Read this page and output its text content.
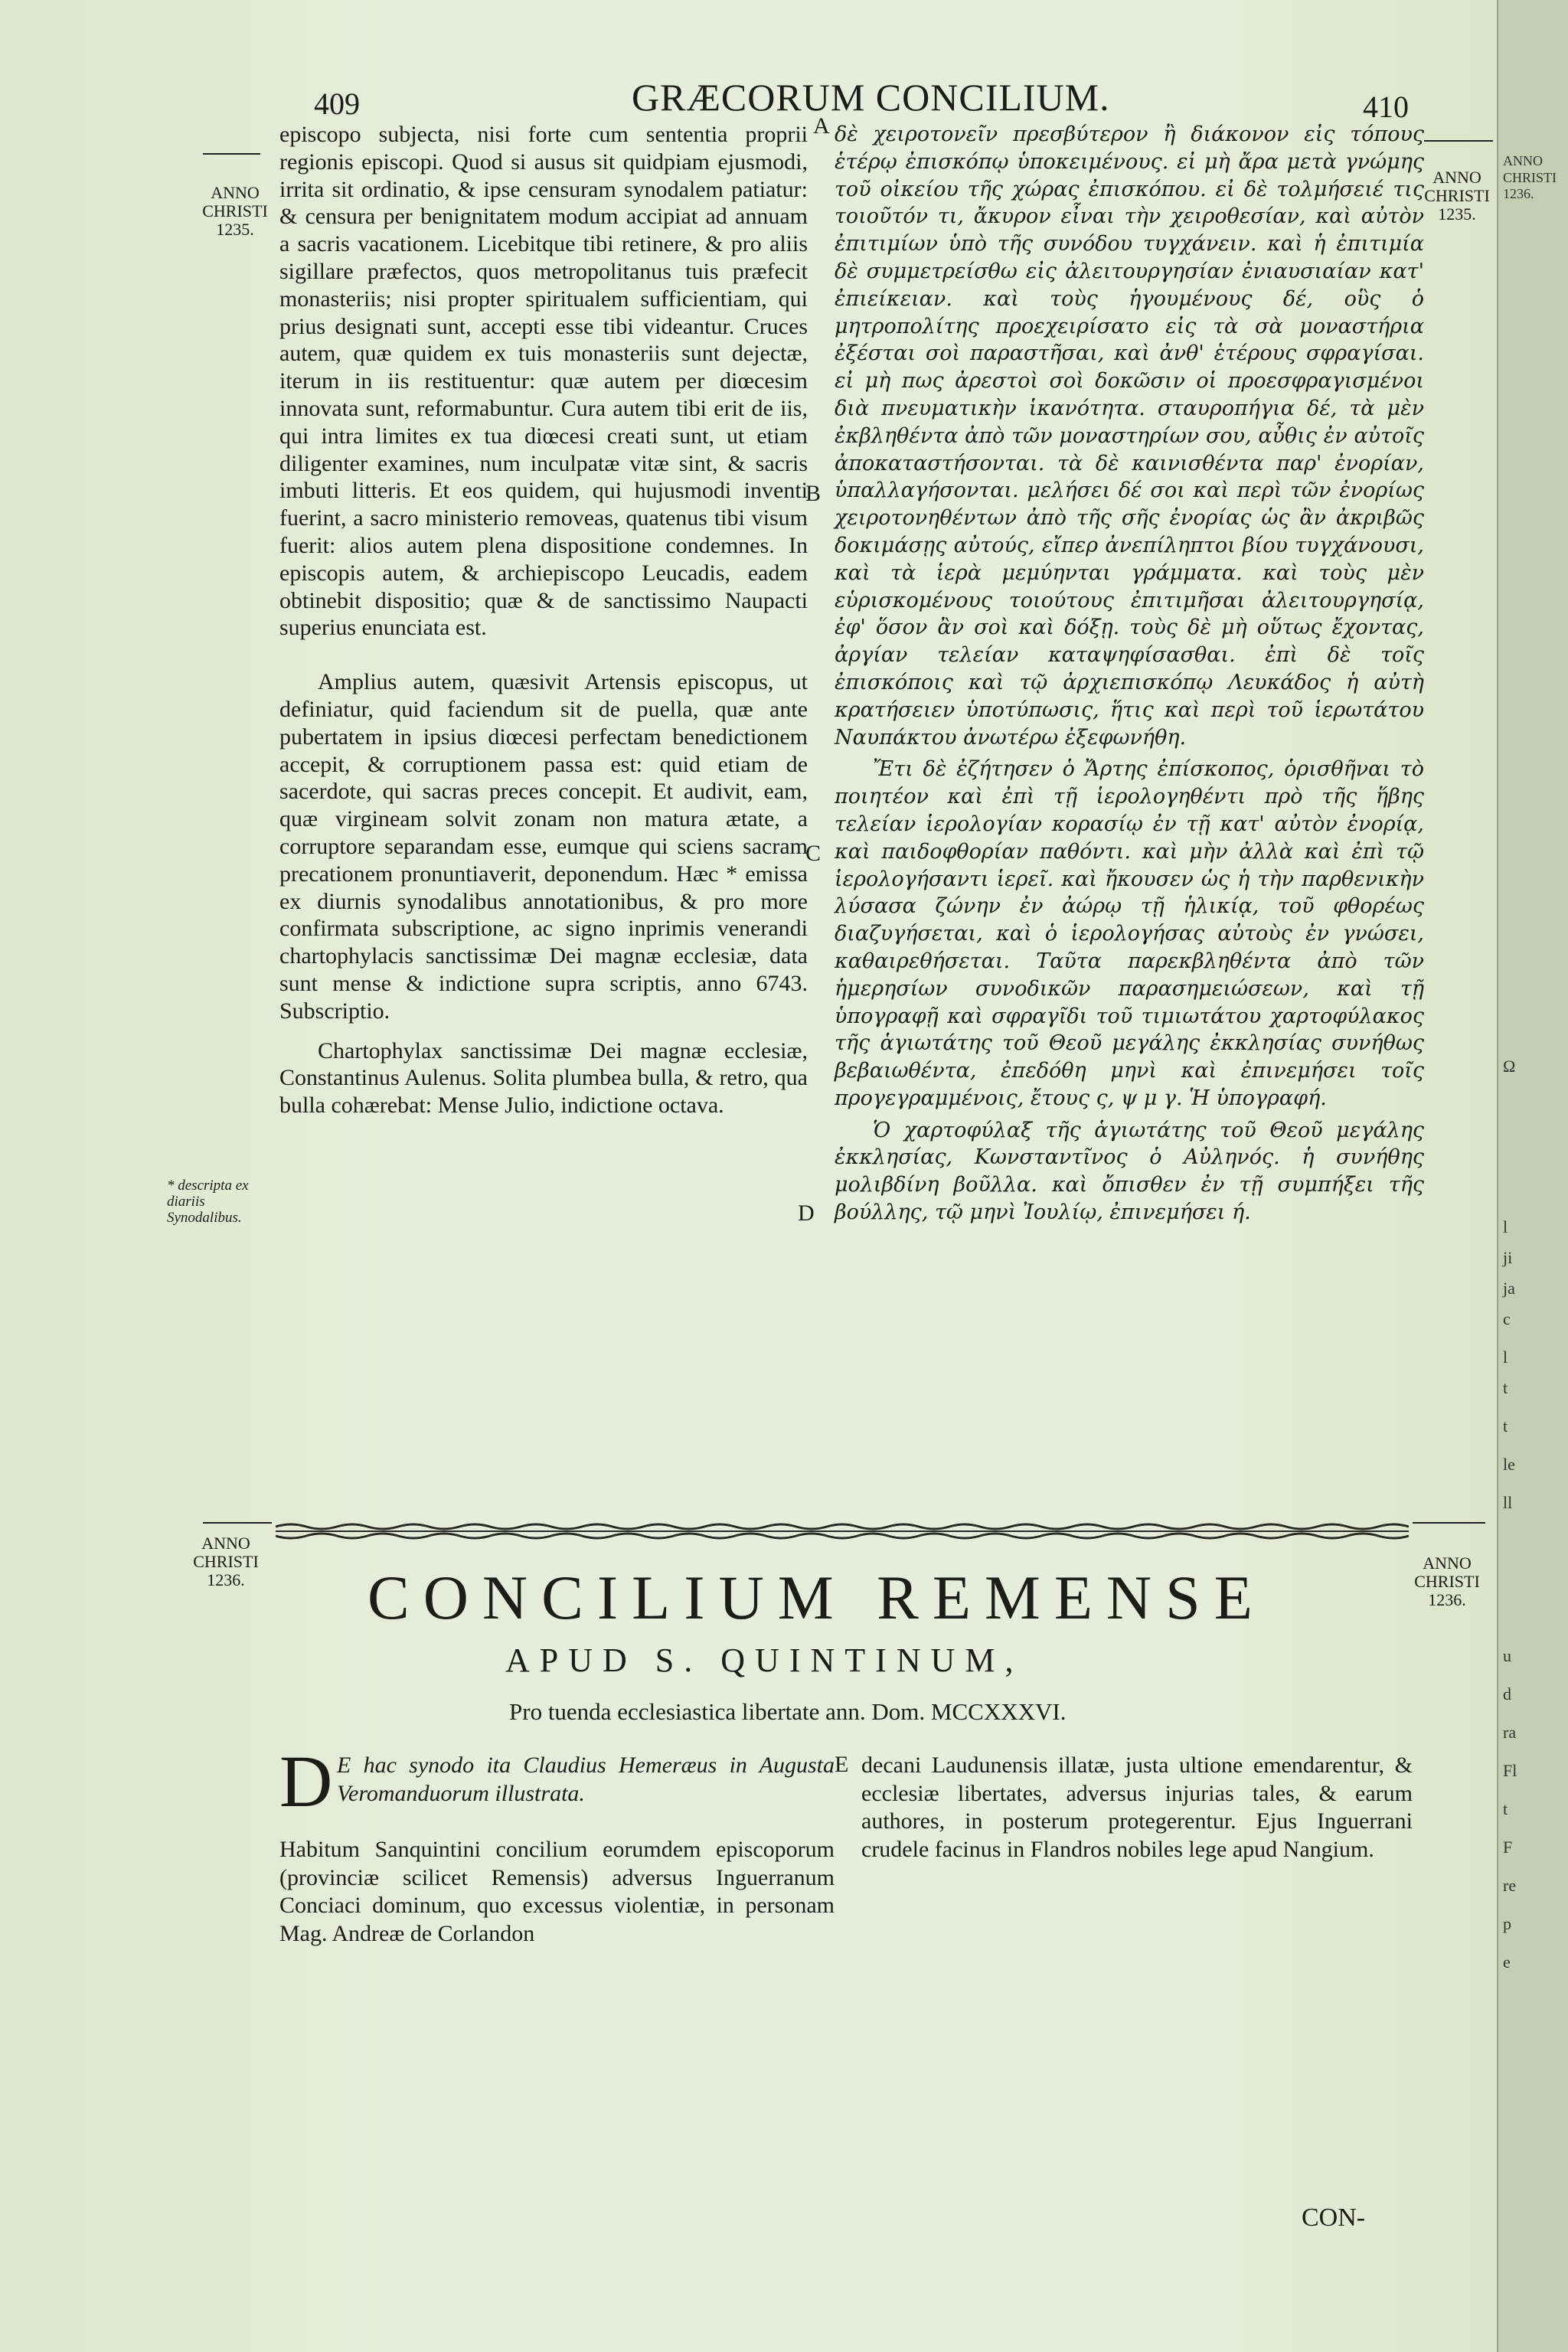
409	GRÆCORUM CONCILIUM.	410
ANNO CHRISTI 1235.
ANNO CHRISTI 1235.
A
B
C
D
E
* descripta ex diariis Synodalibus.

episcopo subjecta, nisi forte cum sententia proprii regionis episcopi. Quod si ausus sit quidpiam ejusmodi, irrita sit ordinatio, & ipse censuram synodalem patiatur: & censura per benignitatem modum accipiat ad annuam a sacris vacationem. Licebitque tibi retinere, & pro aliis sigillare præfectos, quos metropolitanus tuis præfecit monasteriis; nisi propter spiritualem sufficientiam, qui prius designati sunt, accepti esse tibi videantur. Cruces autem, quæ quidem ex tuis monasteriis sunt dejectæ, iterum in iis restituentur: quæ autem per diœcesim innovata sunt, reformabuntur. Cura autem tibi erit de iis, qui intra limites ex tua diœcesi creati sunt, ut etiam diligenter examines, num inculpatæ vitæ sint, & sacris imbuti litteris. Et eos quidem, qui hujusmodi inventi fuerint, a sacro ministerio removeas, quatenus tibi visum fuerit: alios autem plena dispositione condemnes. In episcopis autem, & archiepiscopo Leucadis, eadem obtinebit dispositio; quæ & de sanctissimo Naupacti superius enunciata est.

Amplius autem, quæsivit Artensis episcopus, ut definiatur, quid faciendum sit de puella, quæ ante pubertatem in ipsius diœcesi perfectam benedictionem accepit, & corruptionem passa est: quid etiam de sacerdote, qui sacras preces concepit. Et audivit, eam, quæ virgineam solvit zonam non matura ætate, a corruptore separandam esse, eumque qui sciens sacram precationem pronuntiaverit, deponendum. Hæc * emissa ex diurnis synodalibus annotationibus, & pro more confirmata subscriptione, ac signo inprimis venerandi chartophylacis sanctissimæ Dei magnæ ecclesiæ, data sunt mense & indictione supra scriptis, anno 6743. Subscriptio.

Chartophylax sanctissimæ Dei magnæ ecclesiæ, Constantinus Aulenus. Solita plumbea bulla, & retro, qua bulla cohærebat: Mense Julio, indictione octava.

δὲ χειροτονεῖν πρεσβύτερον ἢ διάκονον εἰς τόπους ἑτέρῳ ἐπισκόπῳ ὑποκειμένους. εἰ μὴ ἄρα μετὰ γνώμης τοῦ οἰκείου τῆς χώρας ἐπισκόπου. εἰ δὲ τολμήσειέ τις τοιοῦτόν τι, ἄκυρον εἶναι τὴν χειροθεσίαν, καὶ αὐτὸν ἐπιτιμίων ὑπὸ τῆς συνόδου τυγχάνειν. καὶ ἡ ἐπιτιμία δὲ συμμετρείσθω εἰς ἀλειτουργησίαν ἐνιαυσιαίαν κατ' ἐπιείκειαν. καὶ τοὺς ἡγουμένους δέ, οὓς ὁ μητροπολίτης προεχειρίσατο εἰς τὰ σὰ μοναστήρια ἐξέσται σοὶ παραστῆσαι, καὶ ἀνθ' ἑτέρους σφραγίσαι. εἰ μὴ πως ἀρεστοὶ σοὶ δοκῶσιν οἱ προεσφραγισμένοι διὰ πνευματικὴν ἱκανότητα. σταυροπήγια δέ, τὰ μὲν ἐκβληθέντα ἀπὸ τῶν μοναστηρίων σου, αὖθις ἐν αὐτοῖς ἀποκαταστήσονται. τὰ δὲ καινισθέντα παρ' ἐνορίαν, ὑπαλλαγήσονται. μελήσει δέ σοι καὶ περὶ τῶν ἐνορίως χειροτονηθέντων ἀπὸ τῆς σῆς ἐνορίας ὡς ἂν ἀκριβῶς δοκιμάσῃς αὐτούς, εἴπερ ἀνεπίληπτοι βίου τυγχάνουσι, καὶ τὰ ἱερὰ μεμύηνται γράμματα. καὶ τοὺς μὲν εὑρισκομένους τοιούτους ἐπιτιμῆσαι ἀλειτουργησίᾳ, ἐφ' ὅσον ἂν σοὶ καὶ δόξῃ. τοὺς δὲ μὴ οὕτως ἔχοντας, ἀργίαν τελείαν καταψηφίσασθαι. ἐπὶ δὲ τοῖς ἐπισκόποις καὶ τῷ ἀρχιεπισκόπῳ Λευκάδος ἡ αὐτὴ κρατήσειεν ὑποτύπωσις, ἥτις καὶ περὶ τοῦ ἱερωτάτου Ναυπάκτου ἀνωτέρω ἐξεφωνήθη.

Ἔτι δὲ ἐζήτησεν ὁ Ἄρτης ἐπίσκοπος, ὁρισθῆναι τὸ ποιητέον καὶ ἐπὶ τῇ ἱερολογηθέντι πρὸ τῆς ἥβης τελείαν ἱερολογίαν κορασίῳ ἐν τῇ κατ' αὐτὸν ἐνορίᾳ, καὶ παιδοφθορίαν παθόντι. καὶ μὴν ἀλλὰ καὶ ἐπὶ τῷ ἱερολογήσαντι ἱερεῖ. καὶ ἤκουσεν ὡς ἡ τὴν παρθενικὴν λύσασα ζώνην ἐν ἀώρῳ τῇ ἡλικίᾳ, τοῦ φθορέως διαζυγήσεται, καὶ ὁ ἱερολογήσας αὐτοὺς ἐν γνώσει, καθαιρεθήσεται. Ταῦτα παρεκβληθέντα ἀπὸ τῶν ἡμερησίων συνοδικῶν παρασημειώσεων, καὶ τῇ ὑπογραφῇ καὶ σφραγῖδι τοῦ τιμιωτάτου χαρτοφύλακος τῆς ἁγιωτάτης τοῦ Θεοῦ μεγάλης ἐκκλησίας συνήθως βεβαιωθέντα, ἐπεδόθη μηνὶ καὶ ἐπινεμήσει τοῖς προγεγραμμένοις, ἔτους ς, ψ μ γ. Ἡ ὑπογραφή.

Ὁ χαρτοφύλαξ τῆς ἁγιωτάτης τοῦ Θεοῦ μεγάλης ἐκκλησίας, Κωνσταντῖνος ὁ Αὐληνός. ἡ συνήθης μολιβδίνη βοῦλλα. καὶ ὄπισθεν ἐν τῇ συμπήξει τῆς βούλλης, τῷ μηνὶ Ἰουλίῳ, ἐπινεμήσει ή.

ANNO CHRISTI 1236.
ANNO CHRISTI 1236.
CONCILIUM REMENSE
APUD S. QUINTINUM,
Pro tuenda ecclesiastica libertate ann. Dom. MCCXXXVI.
D E hac synodo ita Claudius Hemeræus in Augusta Veromanduorum illustrata.
Habitum Sanquintini concilium eorumdem episcoporum (provinciæ scilicet Remensis) adversus Inguerranum Conciaci dominum, quo excessus violentiæ, in personam Mag. Andreæ de Corlandon
decani Laudunensis illatæ, justa ultione emendarentur, & ecclesiæ libertates, adversus injurias tales, & earum authores, in posterum protegerentur. Ejus Inguerrani crudele facinus in Flandros nobiles lege apud Nangium.
CON-
ANNO CHRISTI 1236.
Ω
l
ji
ja
c
l
t
t
le
ll
u
d
ra
Fl
t
F
re
p
e
